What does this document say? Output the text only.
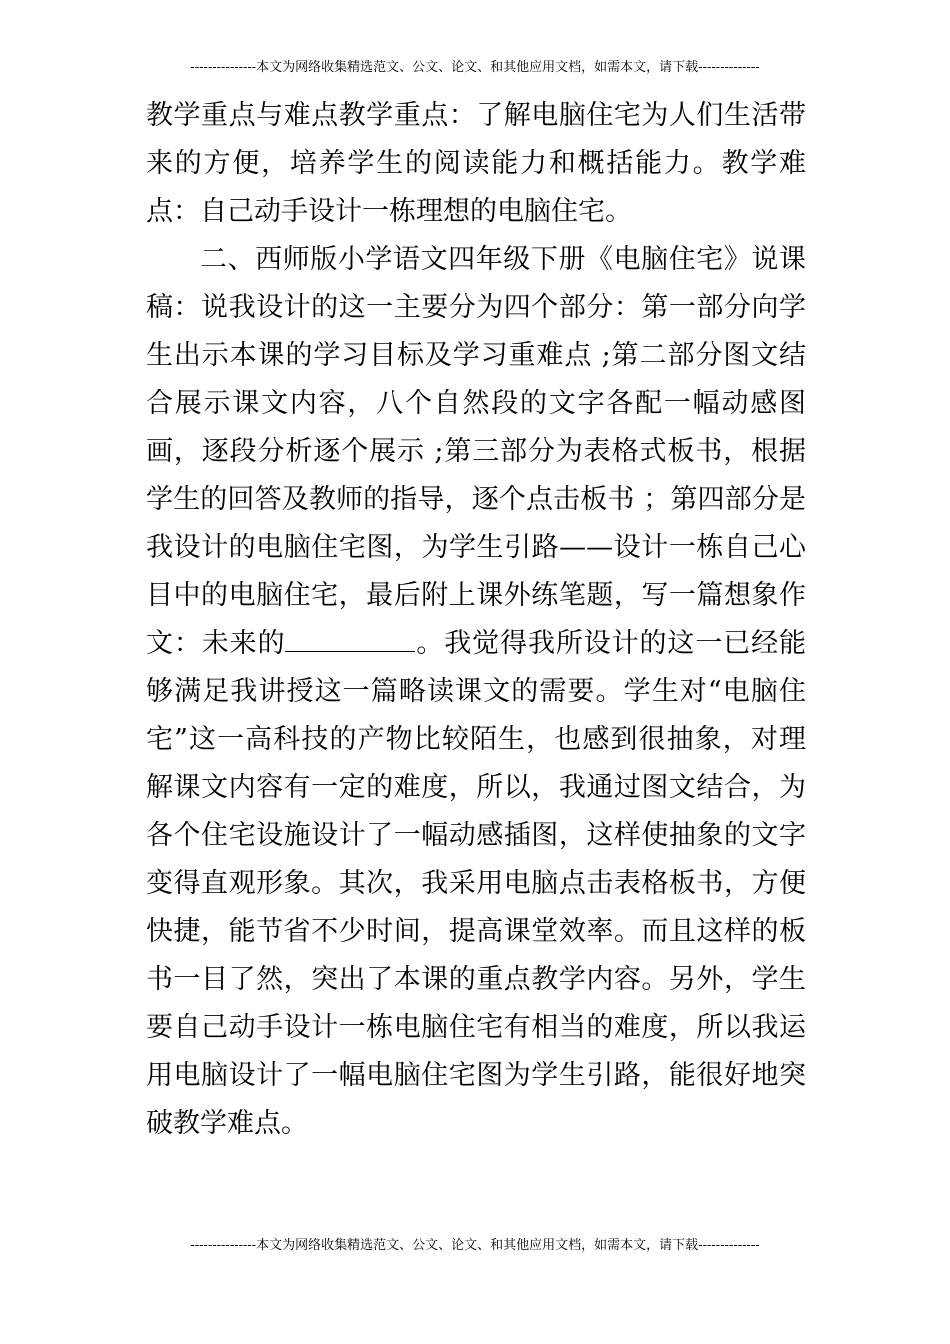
---------------本文为网络收集精选范文、公文、论文、和其他应用文档，如需本文，请下载--------------

教学重点与难点教学重点：了解电脑住宅为人们生活带来的方便，培养学生的阅读能力和概括能力。教学难点：自己动手设计一栋理想的电脑住宅。

二、西师版小学语文四年级下册《电脑住宅》说课稿：说我设计的这一主要分为四个部分：第一部分向学生出示本课的学习目标及学习重难点 ;第二部分图文结合展示课文内容，八个自然段的文字各配一幅动感图画，逐段分析逐个展示 ;第三部分为表格式板书，根据学生的回答及教师的指导，逐个点击板书 ；第四部分是我设计的电脑住宅图，为学生引路——设计一栋自己心目中的电脑住宅，最后附上课外练笔题，写一篇想象作文：未来的	。我觉得我所设计的这一已经能够满足我讲授这一篇略读课文的需要。学生对“电脑住宅”这一高科技的产物比较陌生，也感到很抽象，对理解课文内容有一定的难度，所以，我通过图文结合，为各个住宅设施设计了一幅动感插图，这样使抽象的文字变得直观形象。其次，我采用电脑点击表格板书，方便快捷，能节省不少时间，提高课堂效率。而且这样的板书一目了然，突出了本课的重点教学内容。另外，学生要自己动手设计一栋电脑住宅有相当的难度，所以我运用电脑设计了一幅电脑住宅图为学生引路，能很好地突破教学难点。

---------------本文为网络收集精选范文、公文、论文、和其他应用文档，如需本文，请下载--------------
